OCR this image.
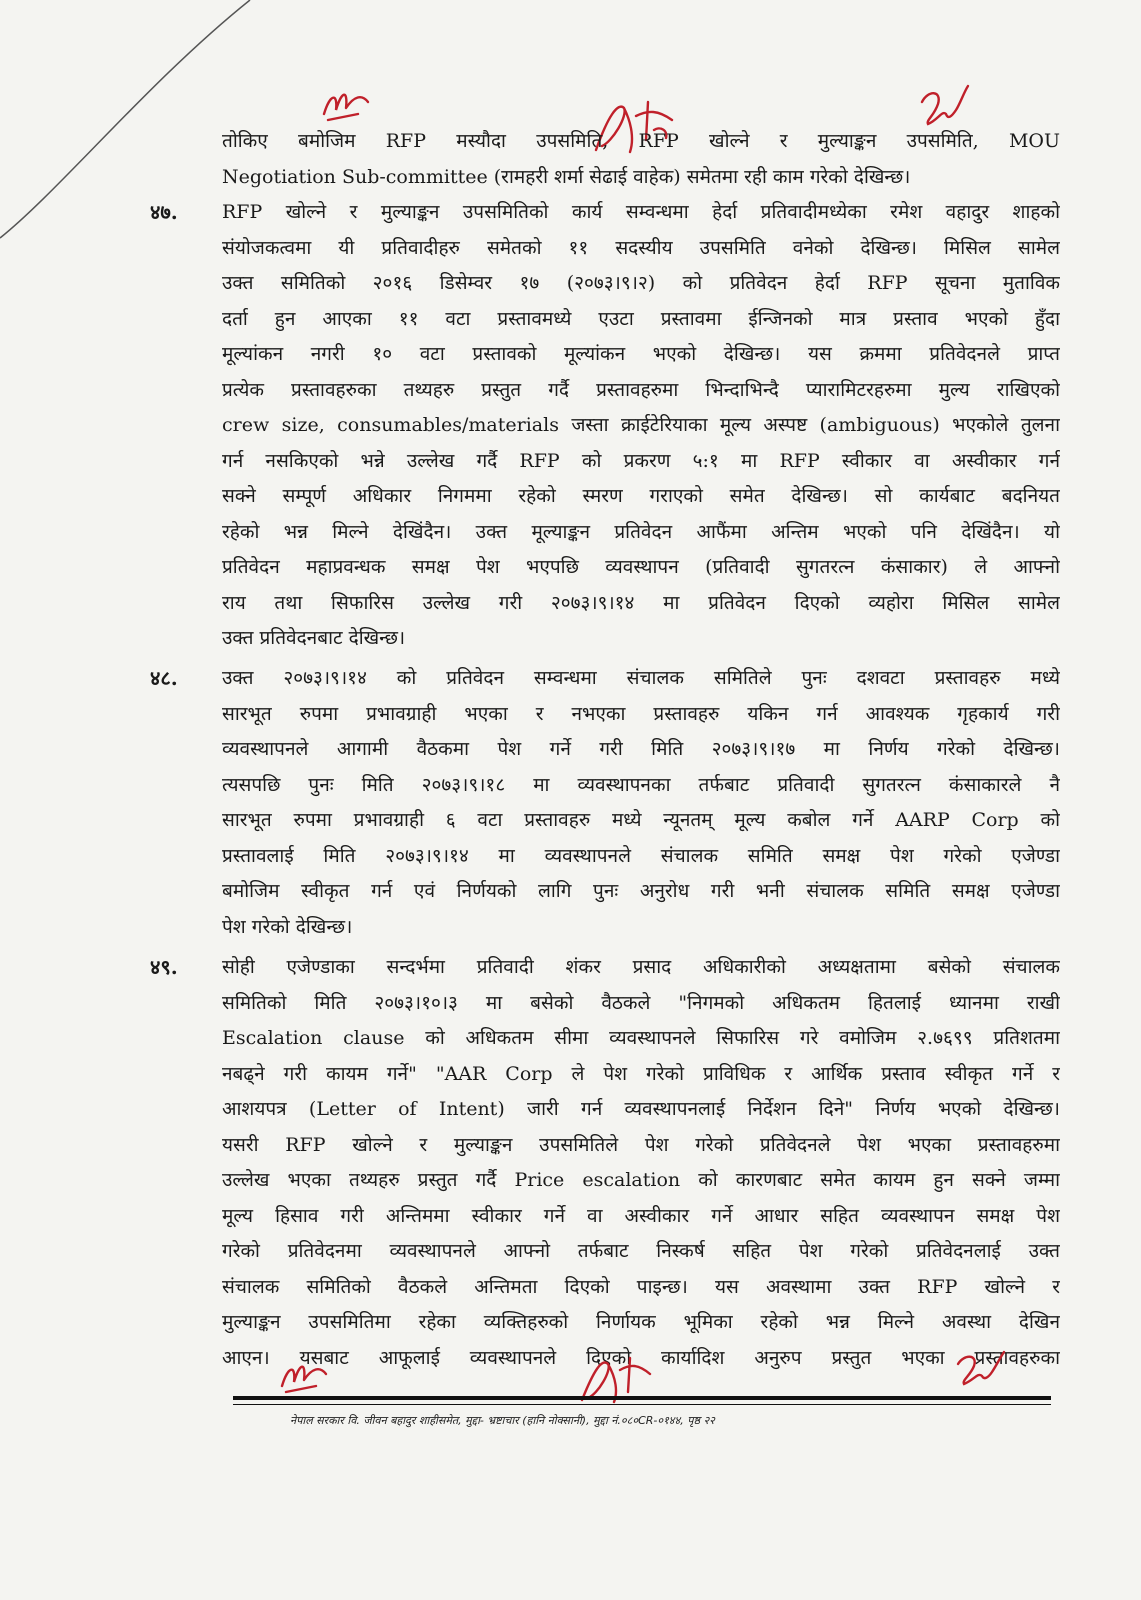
तोकिए बमोजिम RFP मस्यौदा उपसमिति, RFP खोल्ने र मुल्याङ्कन उपसमिति, MOU
Negotiation Sub-committee (रामहरी शर्मा सेढाई वाहेक) समेतमा रही काम गरेको देखिन्छ।
४७. RFP खोल्ने र मुल्याङ्कन उपसमितिको कार्य सम्वन्धमा हेर्दा प्रतिवादीमध्येका रमेश वहादुर शाहको
संयोजकत्वमा यी प्रतिवादीहरु समेतको ११ सदस्यीय उपसमिति वनेको देखिन्छ। मिसिल सामेल
उक्त समितिको २०१६ डिसेम्वर १७ (२०७३।९।२) को प्रतिवेदन हेर्दा RFP सूचना मुताविक
दर्ता हुन आएका ११ वटा प्रस्तावमध्ये एउटा प्रस्तावमा ईन्जिनको मात्र प्रस्ताव भएको हुँदा
मूल्यांकन नगरी १० वटा प्रस्तावको मूल्यांकन भएको देखिन्छ। यस क्रममा प्रतिवेदनले प्राप्त
प्रत्येक प्रस्तावहरुका तथ्यहरु प्रस्तुत गर्दै प्रस्तावहरुमा भिन्दाभिन्दै प्यारामिटरहरुमा मुल्य राखिएको
crew size, consumables/materials जस्ता क्राईटेरियाका मूल्य अस्पष्ट (ambiguous) भएकोले तुलना
गर्न नसकिएको भन्ने उल्लेख गर्दै RFP को प्रकरण ५:१ मा RFP स्वीकार वा अस्वीकार गर्न
सक्ने सम्पूर्ण अधिकार निगममा रहेको स्मरण गराएको समेत देखिन्छ। सो कार्यबाट बदनियत
रहेको भन्न मिल्ने देखिंदैन। उक्त मूल्याङ्कन प्रतिवेदन आफैंमा अन्तिम भएको पनि देखिंदैन। यो
प्रतिवेदन महाप्रवन्धक समक्ष पेश भएपछि व्यवस्थापन (प्रतिवादी सुगतरत्न कंसाकार) ले आफ्नो
राय तथा सिफारिस उल्लेख गरी २०७३।९।१४ मा प्रतिवेदन दिएको व्यहोरा मिसिल सामेल
उक्त प्रतिवेदनबाट देखिन्छ।
४८. उक्त २०७३।९।१४ को प्रतिवेदन सम्वन्धमा संचालक समितिले पुनः दशवटा प्रस्तावहरु मध्ये
सारभूत रुपमा प्रभावग्राही भएका र नभएका प्रस्तावहरु यकिन गर्न आवश्यक गृहकार्य गरी
व्यवस्थापनले आगामी वैठकमा पेश गर्ने गरी मिति २०७३।९।१७ मा निर्णय गरेको देखिन्छ।
त्यसपछि पुनः मिति २०७३।९।१८ मा व्यवस्थापनका तर्फबाट प्रतिवादी सुगतरत्न कंसाकारले नै
सारभूत रुपमा प्रभावग्राही ६ वटा प्रस्तावहरु मध्ये न्यूनतम् मूल्य कबोल गर्ने AARP Corp को
प्रस्तावलाई मिति २०७३।९।१४ मा व्यवस्थापनले संचालक समिति समक्ष पेश गरेको एजेण्डा
बमोजिम स्वीकृत गर्न एवं निर्णयको लागि पुनः अनुरोध गरी भनी संचालक समिति समक्ष एजेण्डा
पेश गरेको देखिन्छ।
४९. सोही एजेण्डाका सन्दर्भमा प्रतिवादी शंकर प्रसाद अधिकारीको अध्यक्षतामा बसेको संचालक
समितिको मिति २०७३।१०।३ मा बसेको वैठकले "निगमको अधिकतम हितलाई ध्यानमा राखी
Escalation clause को अधिकतम सीमा व्यवस्थापनले सिफारिस गरे वमोजिम २.७६९९ प्रतिशतमा
नबढ्ने गरी कायम गर्ने" "AAR Corp ले पेश गरेको प्राविधिक र आर्थिक प्रस्ताव स्वीकृत गर्ने र
आशयपत्र (Letter of Intent) जारी गर्न व्यवस्थापनलाई निर्देशन दिने" निर्णय भएको देखिन्छ।
यसरी RFP खोल्ने र मुल्याङ्कन उपसमितिले पेश गरेको प्रतिवेदनले पेश भएका प्रस्तावहरुमा
उल्लेख भएका तथ्यहरु प्रस्तुत गर्दै Price escalation को कारणबाट समेत कायम हुन सक्ने जम्मा
मूल्य हिसाव गरी अन्तिममा स्वीकार गर्ने वा अस्वीकार गर्ने आधार सहित व्यवस्थापन समक्ष पेश
गरेको प्रतिवेदनमा व्यवस्थापनले आफ्नो तर्फबाट निस्कर्ष सहित पेश गरेको प्रतिवेदनलाई उक्त
संचालक समितिको वैठकले अन्तिमता दिएको पाइन्छ। यस अवस्थामा उक्त RFP खोल्ने र
मुल्याङ्कन उपसमितिमा रहेका व्यक्तिहरुको निर्णायक भूमिका रहेको भन्न मिल्ने अवस्था देखिन
आएन। यसबाट आफूलाई व्यवस्थापनले दिएको कार्यादिश अनुरुप प्रस्तुत भएका प्रस्तावहरुका
नेपाल सरकार वि. जीवन बहादुर शाहीसमेत, मुद्दा- भ्रष्टाचार (हानि नोक्सानी), मुद्दा नं.०८०CR-०१४४, पृष्ठ २२
